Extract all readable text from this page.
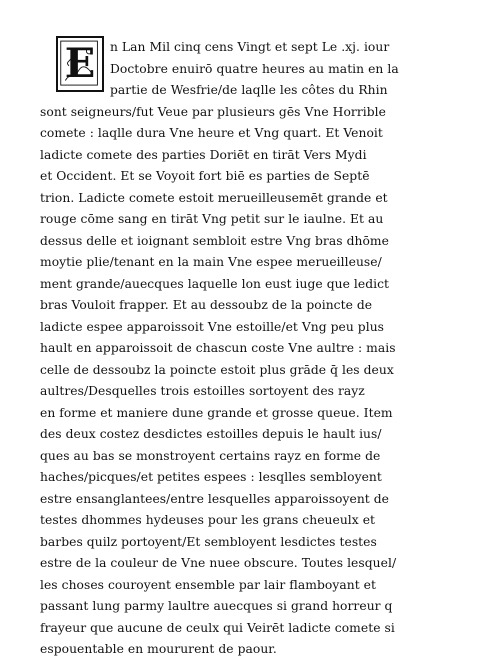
E	n Lan Mil cinq cens Vingt et sept Le .xj. iour
Doctobre enuirō quatre heures au matin en la
partie de Wesfrie/de laqlle les côtes du Rhin
sont seigneurs/fut Veue par plusieurs gēs Vne Horrible
comete : laqlle dura Vne heure et Vng quart. Et Venoit
ladicte comete des parties Doriēt en tirāt Vers Mydi
et Occident. Et se Voyoit fort biē es parties de Septē
trion. Ladicte comete estoit merueilleusemēt grande et
rouge cōme sang en tirāt Vng petit sur le iaulne. Et au
dessus delle et ioignant sembloit estre Vng bras dhōme
moytie plie/tenant en la main Vne espee merueilleuse/
ment grande/auecques laquelle lon eust iuge que ledict
bras Vouloit frapper. Et au dessoubz de la poincte de
ladicte espee apparoissoit Vne estoille/et Vng peu plus
hault en apparoissoit de chascun coste Vne aultre : mais
celle de dessoubz la poincte estoit plus grāde q̄ les deux
aultres/Desquelles trois estoilles sortoyent des rayz
en forme et maniere dune grande et grosse queue. Item
des deux costez desdictes estoilles depuis le hault ius/
ques au bas se monstroyent certains rayz en forme de
haches/picques/et petites espees : lesqlles sembloyent
estre ensanglantees/entre lesquelles apparoissoyent de
testes dhommes hydeuses pour les grans cheueulx et
barbes quilz portoyent/Et sembloyent lesdictes testes
estre de la couleur de Vne nuee obscure. Toutes lesquel/
les choses couroyent ensemble par lair flamboyant et
passant lung parmy laultre auecques si grand horreur q
frayeur que aucune de ceulx qui Veirēt ladicte comete si
espouentable en moururent de paour.
